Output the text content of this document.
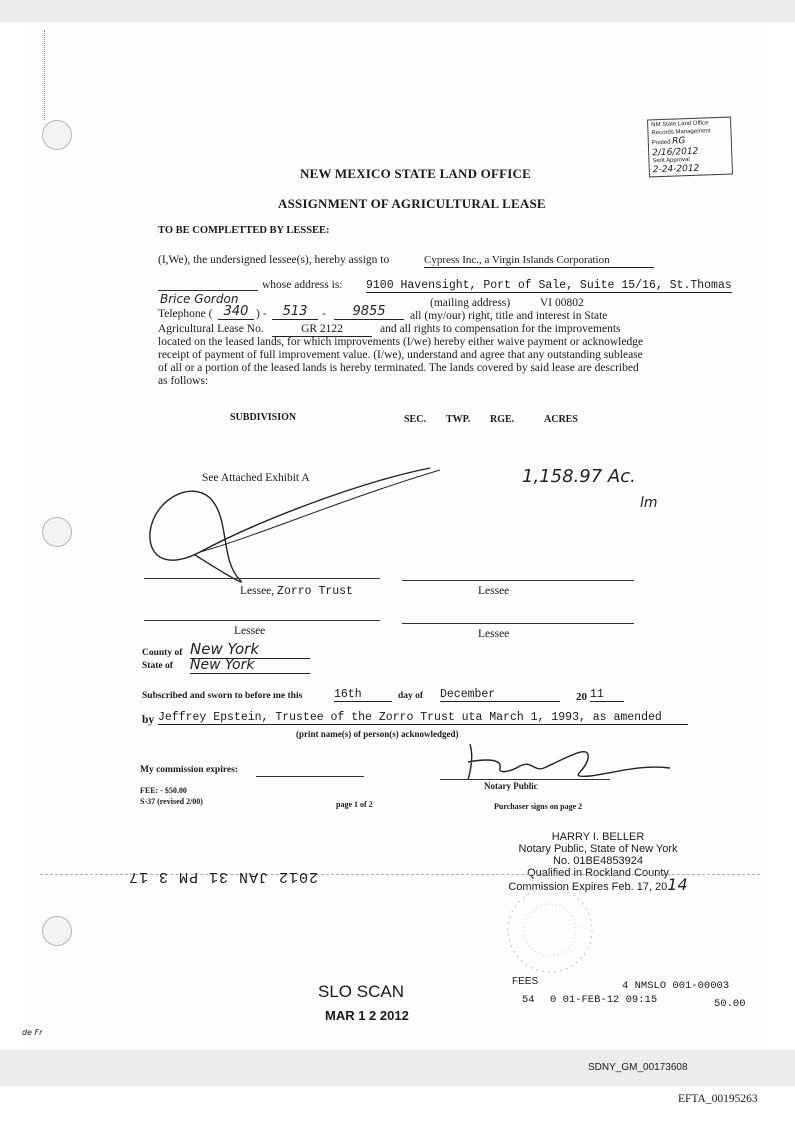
NM State Land Office
Records Management
Posted RG
2/16/2012
Sent Approval
2-24-2012
NEW MEXICO STATE LAND OFFICE
ASSIGNMENT OF AGRICULTURAL LEASE
TO BE COMPLETTED BY LESSEE:
(I,We), the undersigned lessee(s), hereby assign to	Cypress Inc., a Virgin Islands Corporation
whose address is: 9100 Havensight, Port of Sale, Suite 15/16, St.Thomas
Brice Gordon	(mailing address)	VI 00802
Telephone ( 340 ) -	513	-	9855	all (my/our) right, title and interest in State
Agricultural Lease No.	GR 2122	and all rights to compensation for the improvements located on the leased lands, for which improvements (I/we) hereby either waive payment or acknowledge receipt of payment of full improvement value. (I/we), understand and agree that any outstanding sublease of all or a portion of the leased lands is hereby terminated. The lands covered by said lease are described as follows:
SUBDIVISION	SEC. TWP. RGE.	ACRES
See Attached Exhibit A	1,158.97 Ac.
lm
Lessee, Zorro Trust	Lessee
Lessee	Lessee
County of New York
State of New York
Subscribed and sworn to before me this	16th	day of December	20 11
by Jeffrey Epstein, Trustee of the Zorro Trust uta March 1, 1993, as amended
(print name(s) of person(s) acknowledged)
My commission expires:
Notary Public
FEE: - $50.00
S-37 (revised 2/00)	page 1 of 2	Purchaser signs on page 2
HARRY I. BELLER
Notary Public, State of New York
No. 01BE4853924
Qualified in Rockland County
Commission Expires Feb. 17, 2014
2012 JAN 31 PM 3 17
SLO SCAN
MAR 1 2 2012
FEES	4 NMSLO 001-00003
54 0 01-FEB-12 09:15	50.00
de Fr
SDNY_GM_00173608
EFTA_00195263
